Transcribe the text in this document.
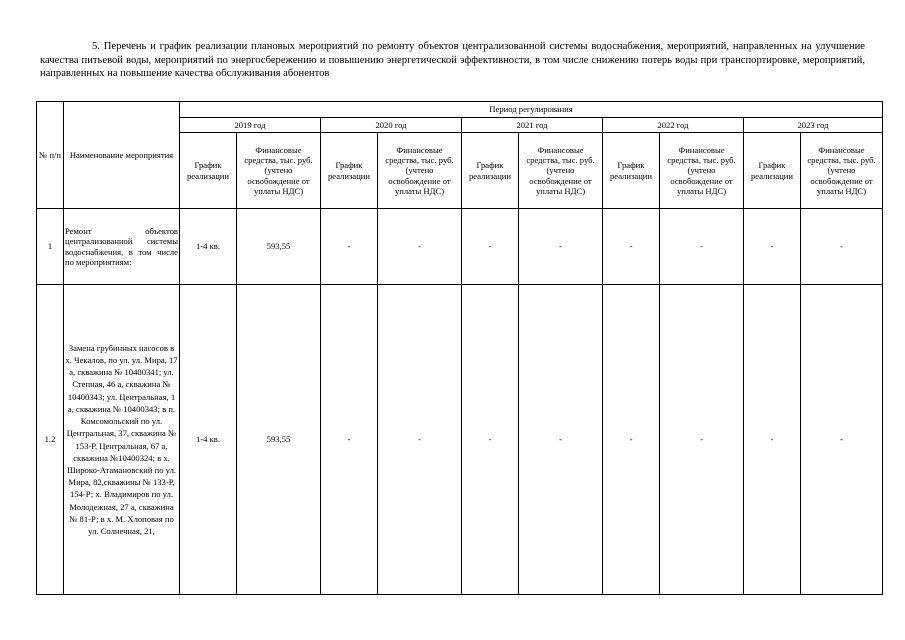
5. Перечень и график реализации плановых мероприятий по ремонту объектов централизованной системы водоснабжения, мероприятий, направленных на улучшение качества питьевой воды, мероприятий по энергосбережению и повышению энергетической эффективности, в том числе снижению потерь воды при транспортировке, мероприятий, направленных на повышение качества обслуживания абонентов

№ п/п	Наименование мероприятия	Период регулирования									
		2019 год		2020 год		2021 год		2022 год		2023 год	
		График реализации	Финансовые средства, тыс. руб. (учтено освобождение от уплаты НДС)	График реализации	Финансовые средства, тыс. руб. (учтено освобождение от уплаты НДС)	График реализации	Финансовые средства, тыс. руб. (учтено освобождение от уплаты НДС)	График реализации	Финансовые средства, тыс. руб. (учтено освобождение от уплаты НДС)	График реализации	Финансовые средства, тыс. руб. (учтено освобождение от уплаты НДС)
1	Ремонт объектов централизованной системы водоснабжения, в том числе по мероприятиям:	1-4 кв.	593,55	-	-	-	-	-	-	-	-
1.2	Замена грубинных насосов в х. Чекалов, по ул. ул. Мира, 17 а, скважина № 10400341; ул. Степная, 46 а, скважина № 10400343; ул. Центральная, 1 а, скважина № 10400343; в п. Комсомольский по ул. Центральная, 37, скважина № 153-Р, Центральная, 67 а, скважина №10400324; в х. Широко-Атамановский по ул. Мира, 82,скважины № 133-Р, 154-Р; х. Владимиров по ул. Молодежная, 27 а, скважина № 81-Р; в х. М. Хлоповая по ул. Солнечная, 21,	1-4 кв.	593,55	-	-	-	-	-	-	-	-
